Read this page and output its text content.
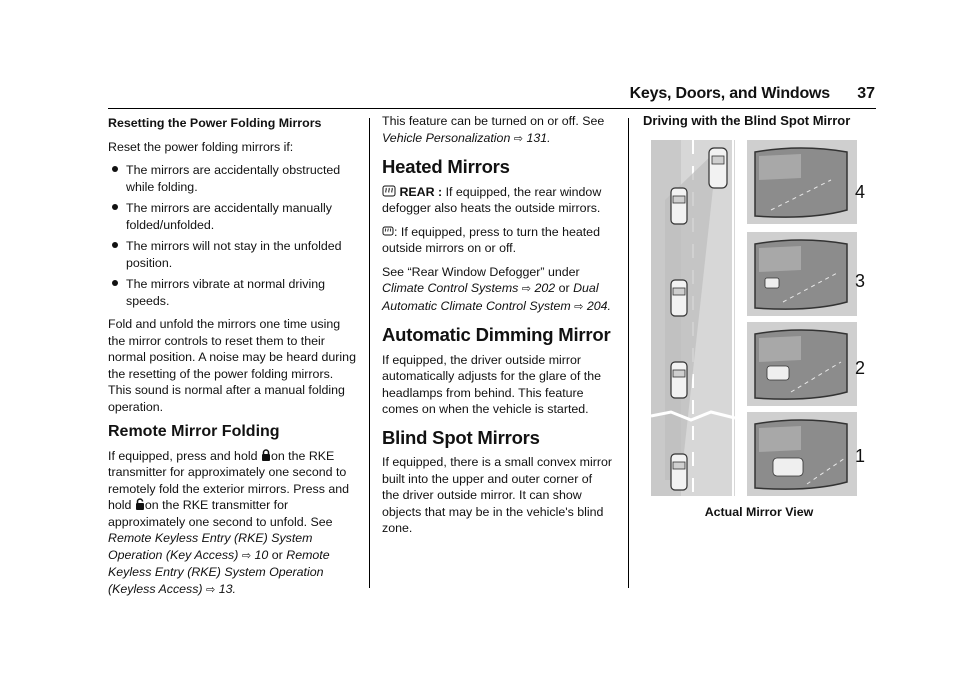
Keys, Doors, and Windows	37
Resetting the Power Folding Mirrors

Reset the power folding mirrors if:

The mirrors are accidentally obstructed while folding.
The mirrors are accidentally manually folded/unfolded.
The mirrors will not stay in the unfolded position.
The mirrors vibrate at normal driving speeds.

Fold and unfold the mirrors one time using the mirror controls to reset them to their normal position. A noise may be heard during the resetting of the power folding mirrors. This sound is normal after a manual folding operation.

Remote Mirror Folding

If equipped, press and hold on the RKE transmitter for approximately one second to remotely fold the exterior mirrors. Press and hold on the RKE transmitter for approximately one second to unfold. See Remote Keyless Entry (RKE) System Operation (Key Access) ⇨ 10 or Remote Keyless Entry (RKE) System Operation (Keyless Access) ⇨ 13.

This feature can be turned on or off. See Vehicle Personalization ⇨ 131.

Heated Mirrors

REAR : If equipped, the rear window defogger also heats the outside mirrors.

: If equipped, press to turn the heated outside mirrors on or off.

See “Rear Window Defogger” under Climate Control Systems ⇨ 202 or Dual Automatic Climate Control System ⇨ 204.

Automatic Dimming Mirror

If equipped, the driver outside mirror automatically adjusts for the glare of the headlamps from behind. This feature comes on when the vehicle is started.

Blind Spot Mirrors

If equipped, there is a small convex mirror built into the upper and outer corner of the driver outside mirror. It can show objects that may be in the vehicle's blind zone.

Driving with the Blind Spot Mirror
4
3
2
1
Actual Mirror View
